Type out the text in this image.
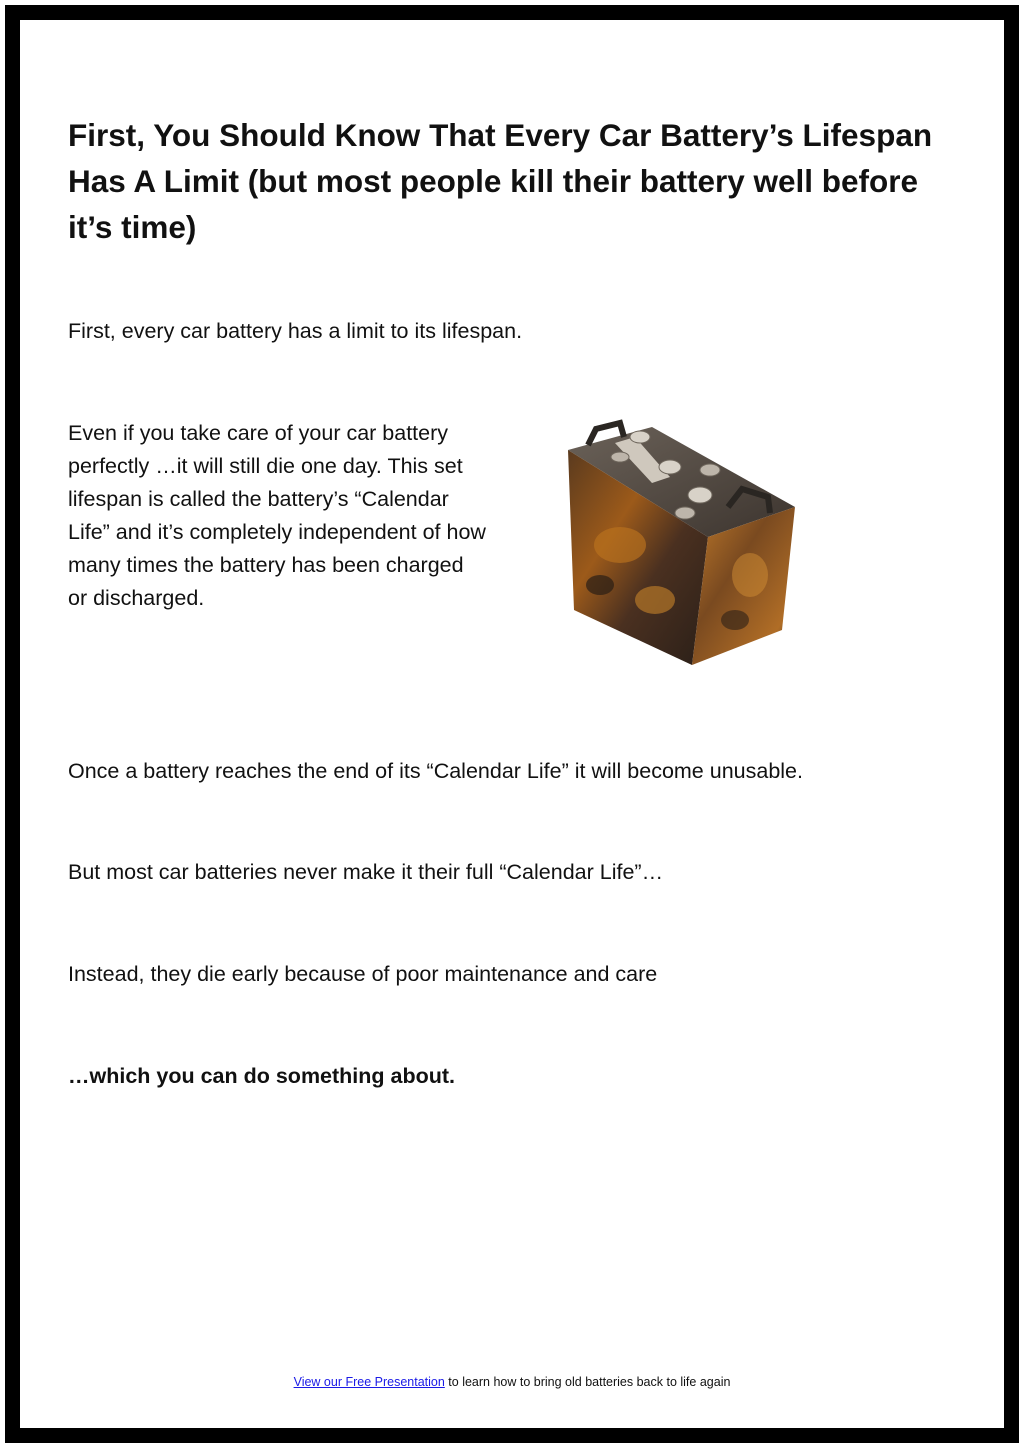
First, You Should Know That Every Car Battery’s Lifespan Has A Limit (but most people kill their battery well before it’s time)

First, every car battery has a limit to its lifespan.

Even if you take care of your car battery perfectly …it will still die one day. This set lifespan is called the battery’s “Calendar Life” and it’s completely independent of how many times the battery has been charged or discharged.

Once a battery reaches the end of its “Calendar Life” it will become unusable.

But most car batteries never make it their full “Calendar Life”…

Instead, they die early because of poor maintenance and care

…which you can do something about.

View our Free Presentation to learn how to bring old batteries back to life again
